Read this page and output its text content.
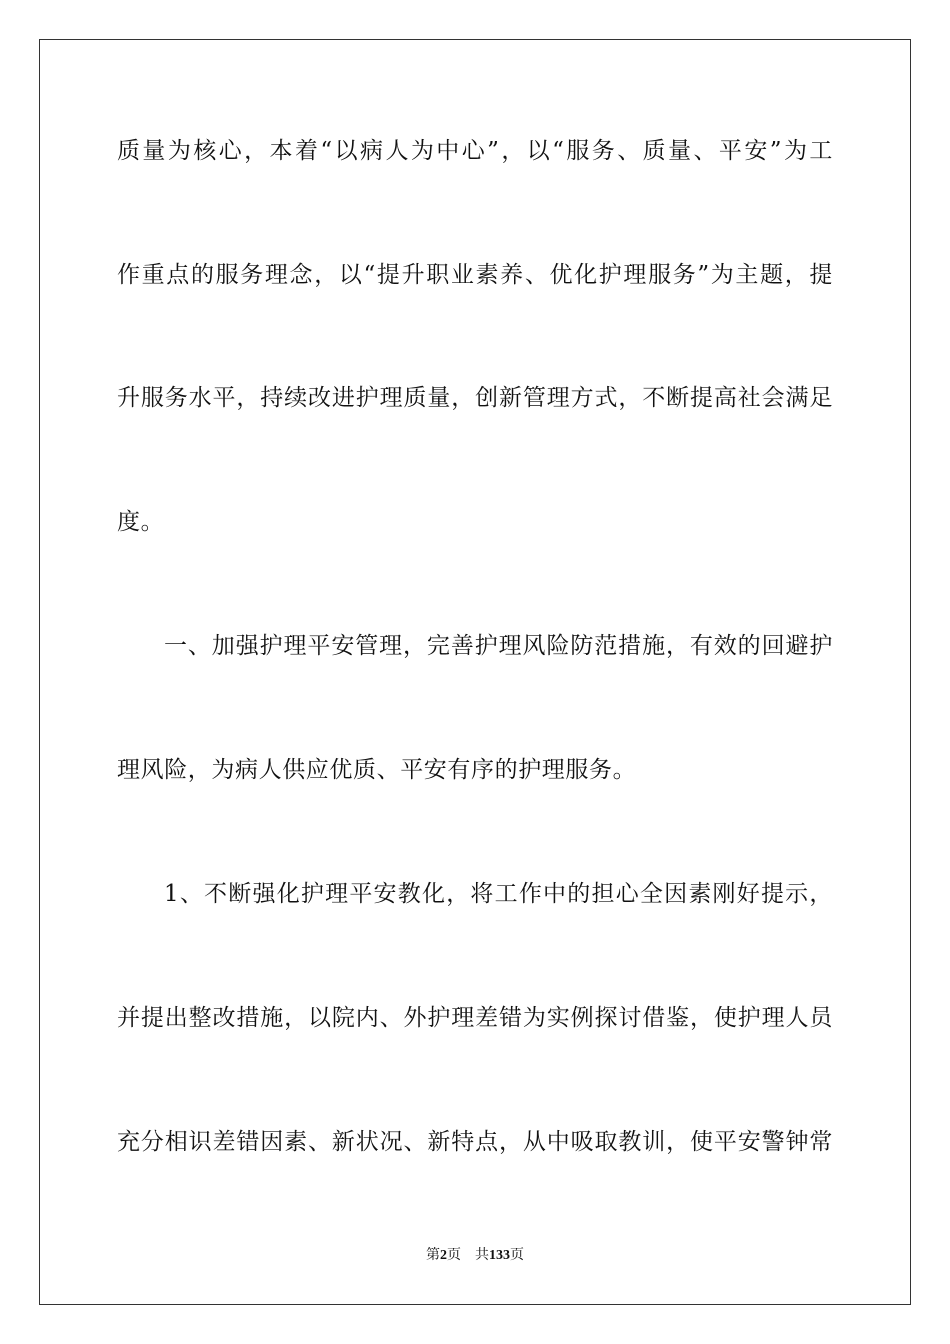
质量为核心，本着“以病人为中心”，以“服务、质量、平安”为工
作重点的服务理念，以“提升职业素养、优化护理服务”为主题，提
升服务水平，持续改进护理质量，创新管理方式，不断提高社会满足
度。
一、加强护理平安管理，完善护理风险防范措施，有效的回避护
理风险，为病人供应优质、平安有序的护理服务。
1、不断强化护理平安教化，将工作中的担心全因素刚好提示，
并提出整改措施，以院内、外护理差错为实例探讨借鉴，使护理人员
充分相识差错因素、新状况、新特点，从中吸取教训，使平安警钟常
第2页 共133页
